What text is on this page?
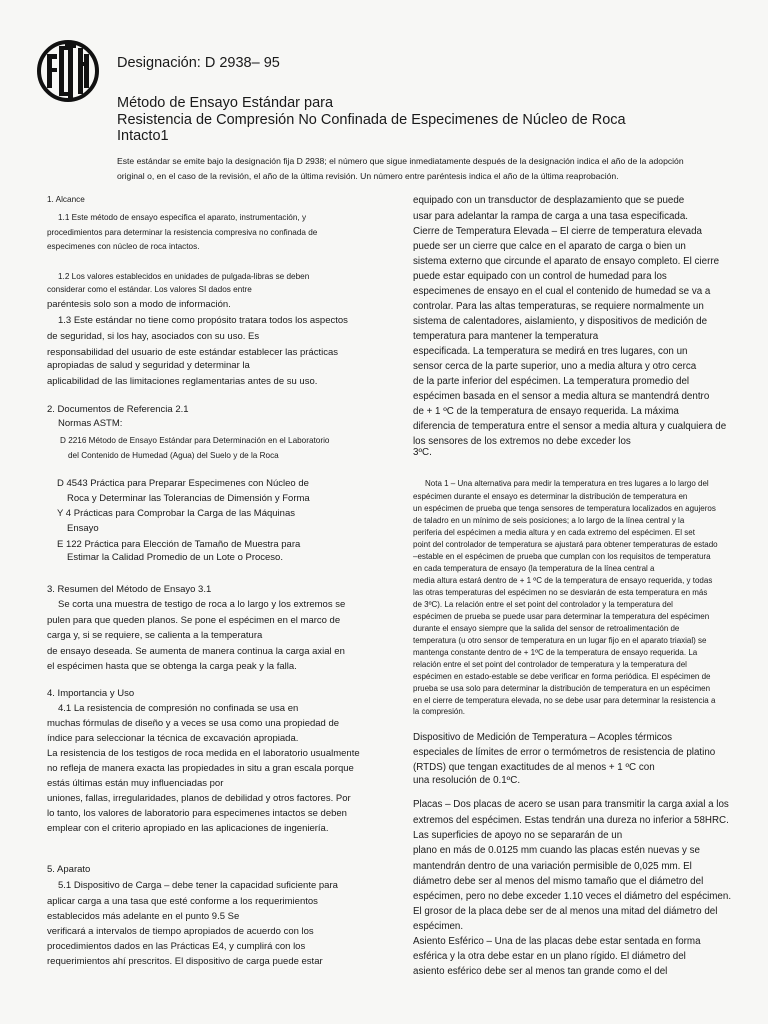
Designación: D 2938– 95
Método de Ensayo Estándar para
Resistencia de Compresión No Confinada de Especimenes de Núcleo de Roca
Intacto1
Este estándar se emite bajo la designación fija D 2938; el número que sigue inmediatamente después de la designación indica el año de la adopción
original o, en el caso de la revisión, el año de la última revisión. Un número entre paréntesis indica el año de la última reaprobación.
1. Alcance
1.1 Este método de ensayo especifica el aparato, instrumentación, y
procedimientos para determinar la resistencia compresiva no confinada de
especimenes con núcleo de roca intactos.
1.2 Los valores establecidos en unidades de pulgada-libras se deben
considerar como el estándar. Los valores SI dados entre
paréntesis solo son a modo de información.
1.3 Este estándar no tiene como propósito tratara todos los aspectos
de seguridad, si los hay, asociados con su uso. Es
responsabilidad del usuario de este estándar establecer las prácticas
apropiadas de salud y seguridad y determinar la
aplicabilidad de las limitaciones reglamentarias antes de su uso.
2. Documentos de Referencia 2.1
Normas ASTM:
D 2216 Método de Ensayo Estándar para Determinación en el Laboratorio
del Contenido de Humedad (Agua) del Suelo y de la Roca
D 4543 Práctica para Preparar Especimenes con Núcleo de
Roca y Determinar las Tolerancias de Dimensión y Forma
Y 4 Prácticas para Comprobar la Carga de las Máquinas
Ensayo
E 122 Práctica para Elección de Tamaño de Muestra para
Estimar la Calidad Promedio de un Lote o Proceso.
3. Resumen del Método de Ensayo 3.1
Se corta una muestra de testigo de roca a lo largo y los extremos se
pulen para que queden planos. Se pone el espécimen en el marco de
carga y, si se requiere, se calienta a la temperatura
de ensayo deseada. Se aumenta de manera continua la carga axial en
el espécimen hasta que se obtenga la carga peak y la falla.
4. Importancia y Uso
4.1 La resistencia de compresión no confinada se usa en
muchas fórmulas de diseño y a veces se usa como una propiedad de
índice para seleccionar la técnica de excavación apropiada.
La resistencia de los testigos de roca medida en el laboratorio usualmente
no refleja de manera exacta las propiedades in situ a gran escala porque
estás últimas están muy influenciadas por
uniones, fallas, irregularidades, planos de debilidad y otros factores. Por
lo tanto, los valores de laboratorio para especimenes intactos se deben
emplear con el criterio apropiado en las aplicaciones de ingeniería.
5. Aparato
5.1 Dispositivo de Carga – debe tener la capacidad suficiente para
aplicar carga a una tasa que esté conforme a los requerimientos
establecidos más adelante en el punto 9.5 Se
verificará a intervalos de tiempo apropiados de acuerdo con los
procedimientos dados en las Prácticas E4, y cumplirá con los
requerimientos ahí prescritos. El dispositivo de carga puede estar
equipado con un transductor de desplazamiento que se puede
usar para adelantar la rampa de carga a una tasa especificada.
Cierre de Temperatura Elevada – El cierre de temperatura elevada
puede ser un cierre que calce en el aparato de carga o bien un
sistema externo que circunde el aparato de ensayo completo. El cierre
puede estar equipado con un control de humedad para los
especimenes de ensayo en el cual el contenido de humedad se va a
controlar. Para las altas temperaturas, se requiere normalmente un
sistema de calentadores, aislamiento, y dispositivos de medición de
temperatura para mantener la temperatura
especificada. La temperatura se medirá en tres lugares, con un
sensor cerca de la parte superior, uno a media altura y otro cerca
de la parte inferior del espécimen. La temperatura promedio del
espécimen basada en el sensor a media altura se mantendrá dentro
de + 1 ºC de la temperatura de ensayo requerida. La máxima
diferencia de temperatura entre el sensor a media altura y cualquiera de
los sensores de los extremos no debe exceder los
3ºC.
Nota 1 – Una alternativa para medir la temperatura en tres lugares a lo largo del
espécimen durante el ensayo es determinar la distribución de temperatura en
un espécimen de prueba que tenga sensores de temperatura localizados en agujeros
de taladro en un mínimo de seis posiciones; a lo largo de la línea central y la
periferia del espécimen a media altura y en cada extremo del espécimen. El set
point del controlador de temperatura se ajustará para obtener temperaturas de estado
–estable en el espécimen de prueba que cumplan con los requisitos de temperatura
en cada temperatura de ensayo (la temperatura de la línea central a
media altura estará dentro de + 1 ºC de la temperatura de ensayo requerida, y todas
las otras temperaturas del espécimen no se desviarán de esta temperatura en más
de 3ºC). La relación entre el set point del controlador y la temperatura del
espécimen de prueba se puede usar para determinar la temperatura del espécimen
durante el ensayo siempre que la salida del sensor de retroalimentación de
temperatura (u otro sensor de temperatura en un lugar fijo en el aparato triaxial) se
mantenga constante dentro de + 1ºC de la temperatura de ensayo requerida. La
relación entre el set point del controlador de temperatura y la temperatura del
espécimen en estado-estable se debe verificar en forma periódica. El espécimen de
prueba se usa solo para determinar la distribución de temperatura en un espécimen
en el cierre de temperatura elevada, no se debe usar para determinar la resistencia a
la compresión.
Dispositivo de Medición de Temperatura – Acoples térmicos
especiales de límites de error o termómetros de resistencia de platino
(RTDS) que tengan exactitudes de al menos + 1 ºC con
una resolución de 0.1ºC.
Placas – Dos placas de acero se usan para transmitir la carga axial a los
extremos del espécimen. Estas tendrán una dureza no inferior a 58HRC.
Las superficies de apoyo no se separarán de un
plano en más de 0.0125 mm cuando las placas estén nuevas y se
mantendrán dentro de una variación permisible de 0,025 mm. El
diámetro debe ser al menos del mismo tamaño que el diámetro del
espécimen, pero no debe exceder 1.10 veces el diámetro del espécimen.
El grosor de la placa debe ser de al menos una mitad del diámetro del
espécimen.
Asiento Esférico – Una de las placas debe estar sentada en forma
esférica y la otra debe estar en un plano rígido. El diámetro del
asiento esférico debe ser al menos tan grande como el del
